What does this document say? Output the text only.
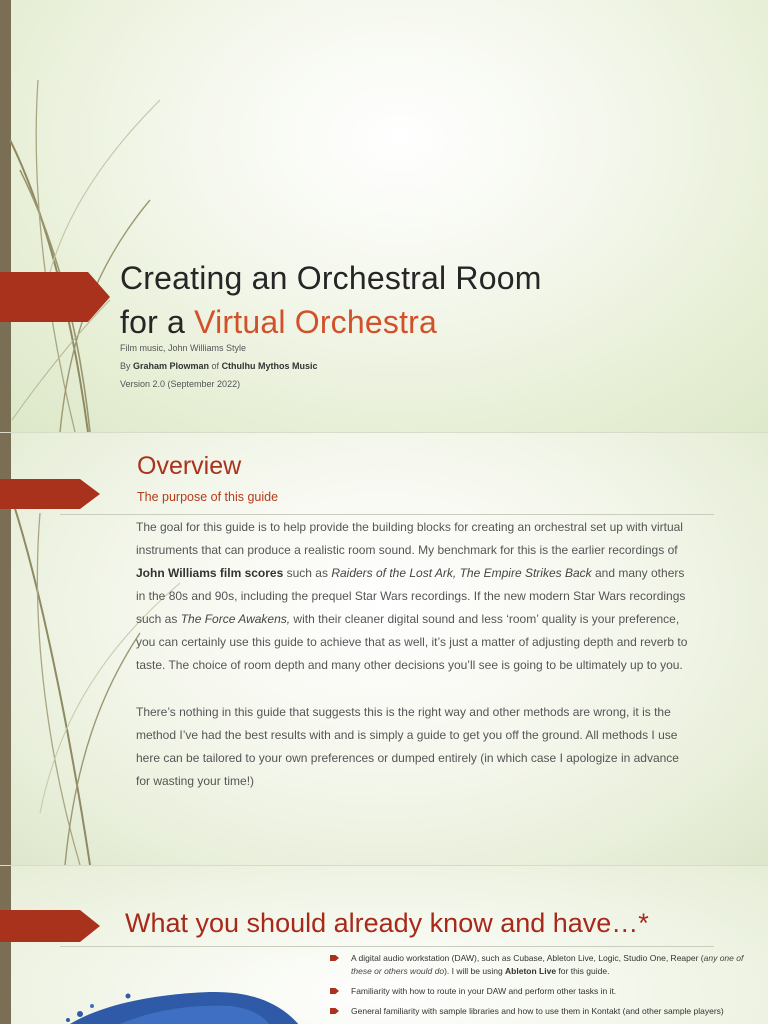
Creating an Orchestral Room
for a Virtual Orchestra
Film music, John Williams Style
By Graham Plowman of Cthulhu Mythos Music
Version 2.0 (September 2022)
Overview
The purpose of this guide
The goal for this guide is to help provide the building blocks for creating an orchestral set up with virtual instruments that can produce a realistic room sound. My benchmark for this is the earlier recordings of John Williams film scores such as Raiders of the Lost Ark, The Empire Strikes Back and many others in the 80s and 90s, including the prequel Star Wars recordings. If the new modern Star Wars recordings such as The Force Awakens, with their cleaner digital sound and less ‘room’ quality is your preference, you can certainly use this guide to achieve that as well, it’s just a matter of adjusting depth and reverb to taste. The choice of room depth and many other decisions you’ll see is going to be ultimately up to you.
There’s nothing in this guide that suggests this is the right way and other methods are wrong, it is the method I’ve had the best results with and is simply a guide to get you off the ground. All methods I use here can be tailored to your own preferences or dumped entirely (in which case I apologize in advance for wasting your time!)
What you should already know and have…*
A digital audio workstation (DAW), such as Cubase, Ableton Live, Logic, Studio One, Reaper (any one of these or others would do). I will be using Ableton Live for this guide.
Familiarity with how to route in your DAW and perform other tasks in it.
General familiarity with sample libraries and how to use them in Kontakt (and other sample players)
